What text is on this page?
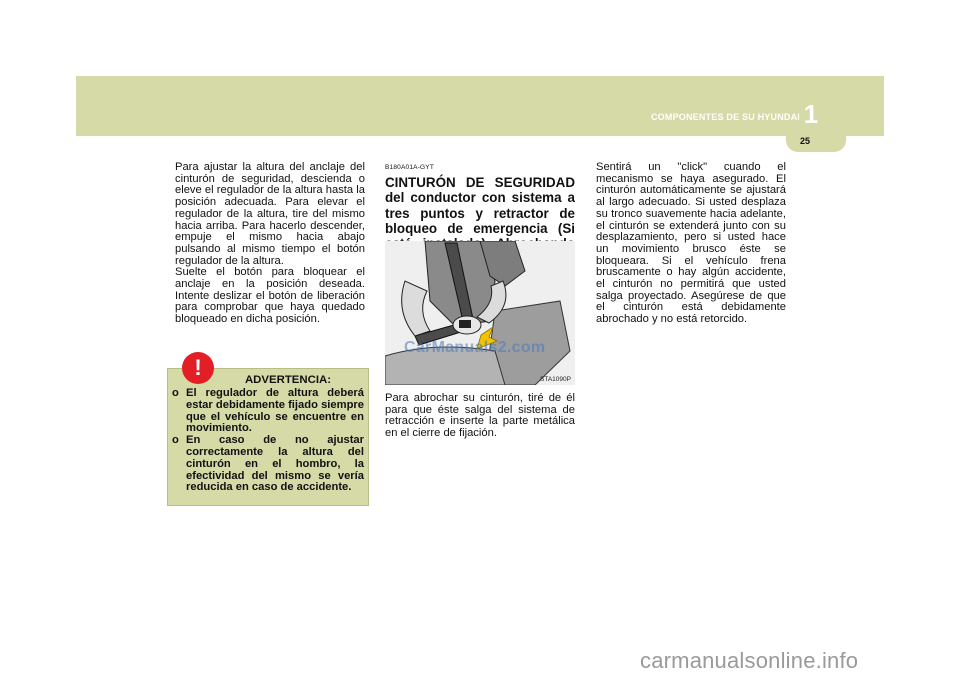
COMPONENTES DE SU HYUNDAI 1
25

Para ajustar la altura del anclaje del cinturón de seguridad, descienda o eleve el regulador de la altura hasta la posición adecuada. Para elevar el regulador de la altura, tire del mismo hacia arriba. Para hacerlo descender, empuje el mismo hacia abajo pulsando al mismo tiempo el botón regulador de la altura.

Suelte el botón para bloquear el anclaje en la posición deseada. Intente deslizar el botón de liberación para comprobar que haya quedado bloqueado en dicha posición.

!	ADVERTENCIA:
o El regulador de altura deberá estar debidamente fijado siempre que el vehículo se encuentre en movimiento.
o En caso de no ajustar correctamente la altura del cinturón en el hombro, la efectividad del mismo se vería reducida en caso de accidente.
B180A01A-GYT
CINTURÓN DE SEGURIDAD del conductor con sistema a tres puntos y retractor de bloqueo de emergencia (Si
CarManuals2.com
STA1090P
Para abrochar su cinturón, tiré de él para que éste salga del sistema de retracción e inserte la parte metálica en el cierre de fijación.

Sentirá un "click" cuando el mecanismo se haya asegurado. El cinturón automáticamente se ajustará al largo adecuado. Si usted desplaza su tronco suavemente hacia adelante, el cinturón se extenderá junto con su desplazamiento, pero si usted hace un movimiento brusco éste se bloqueara. Si el vehículo frena bruscamente o hay algún accidente, el cinturón no permitirá que usted salga proyectado. Asegúrese de que el cinturón está debidamente abrochado y no está retorcido.

carmanualsonline.info
